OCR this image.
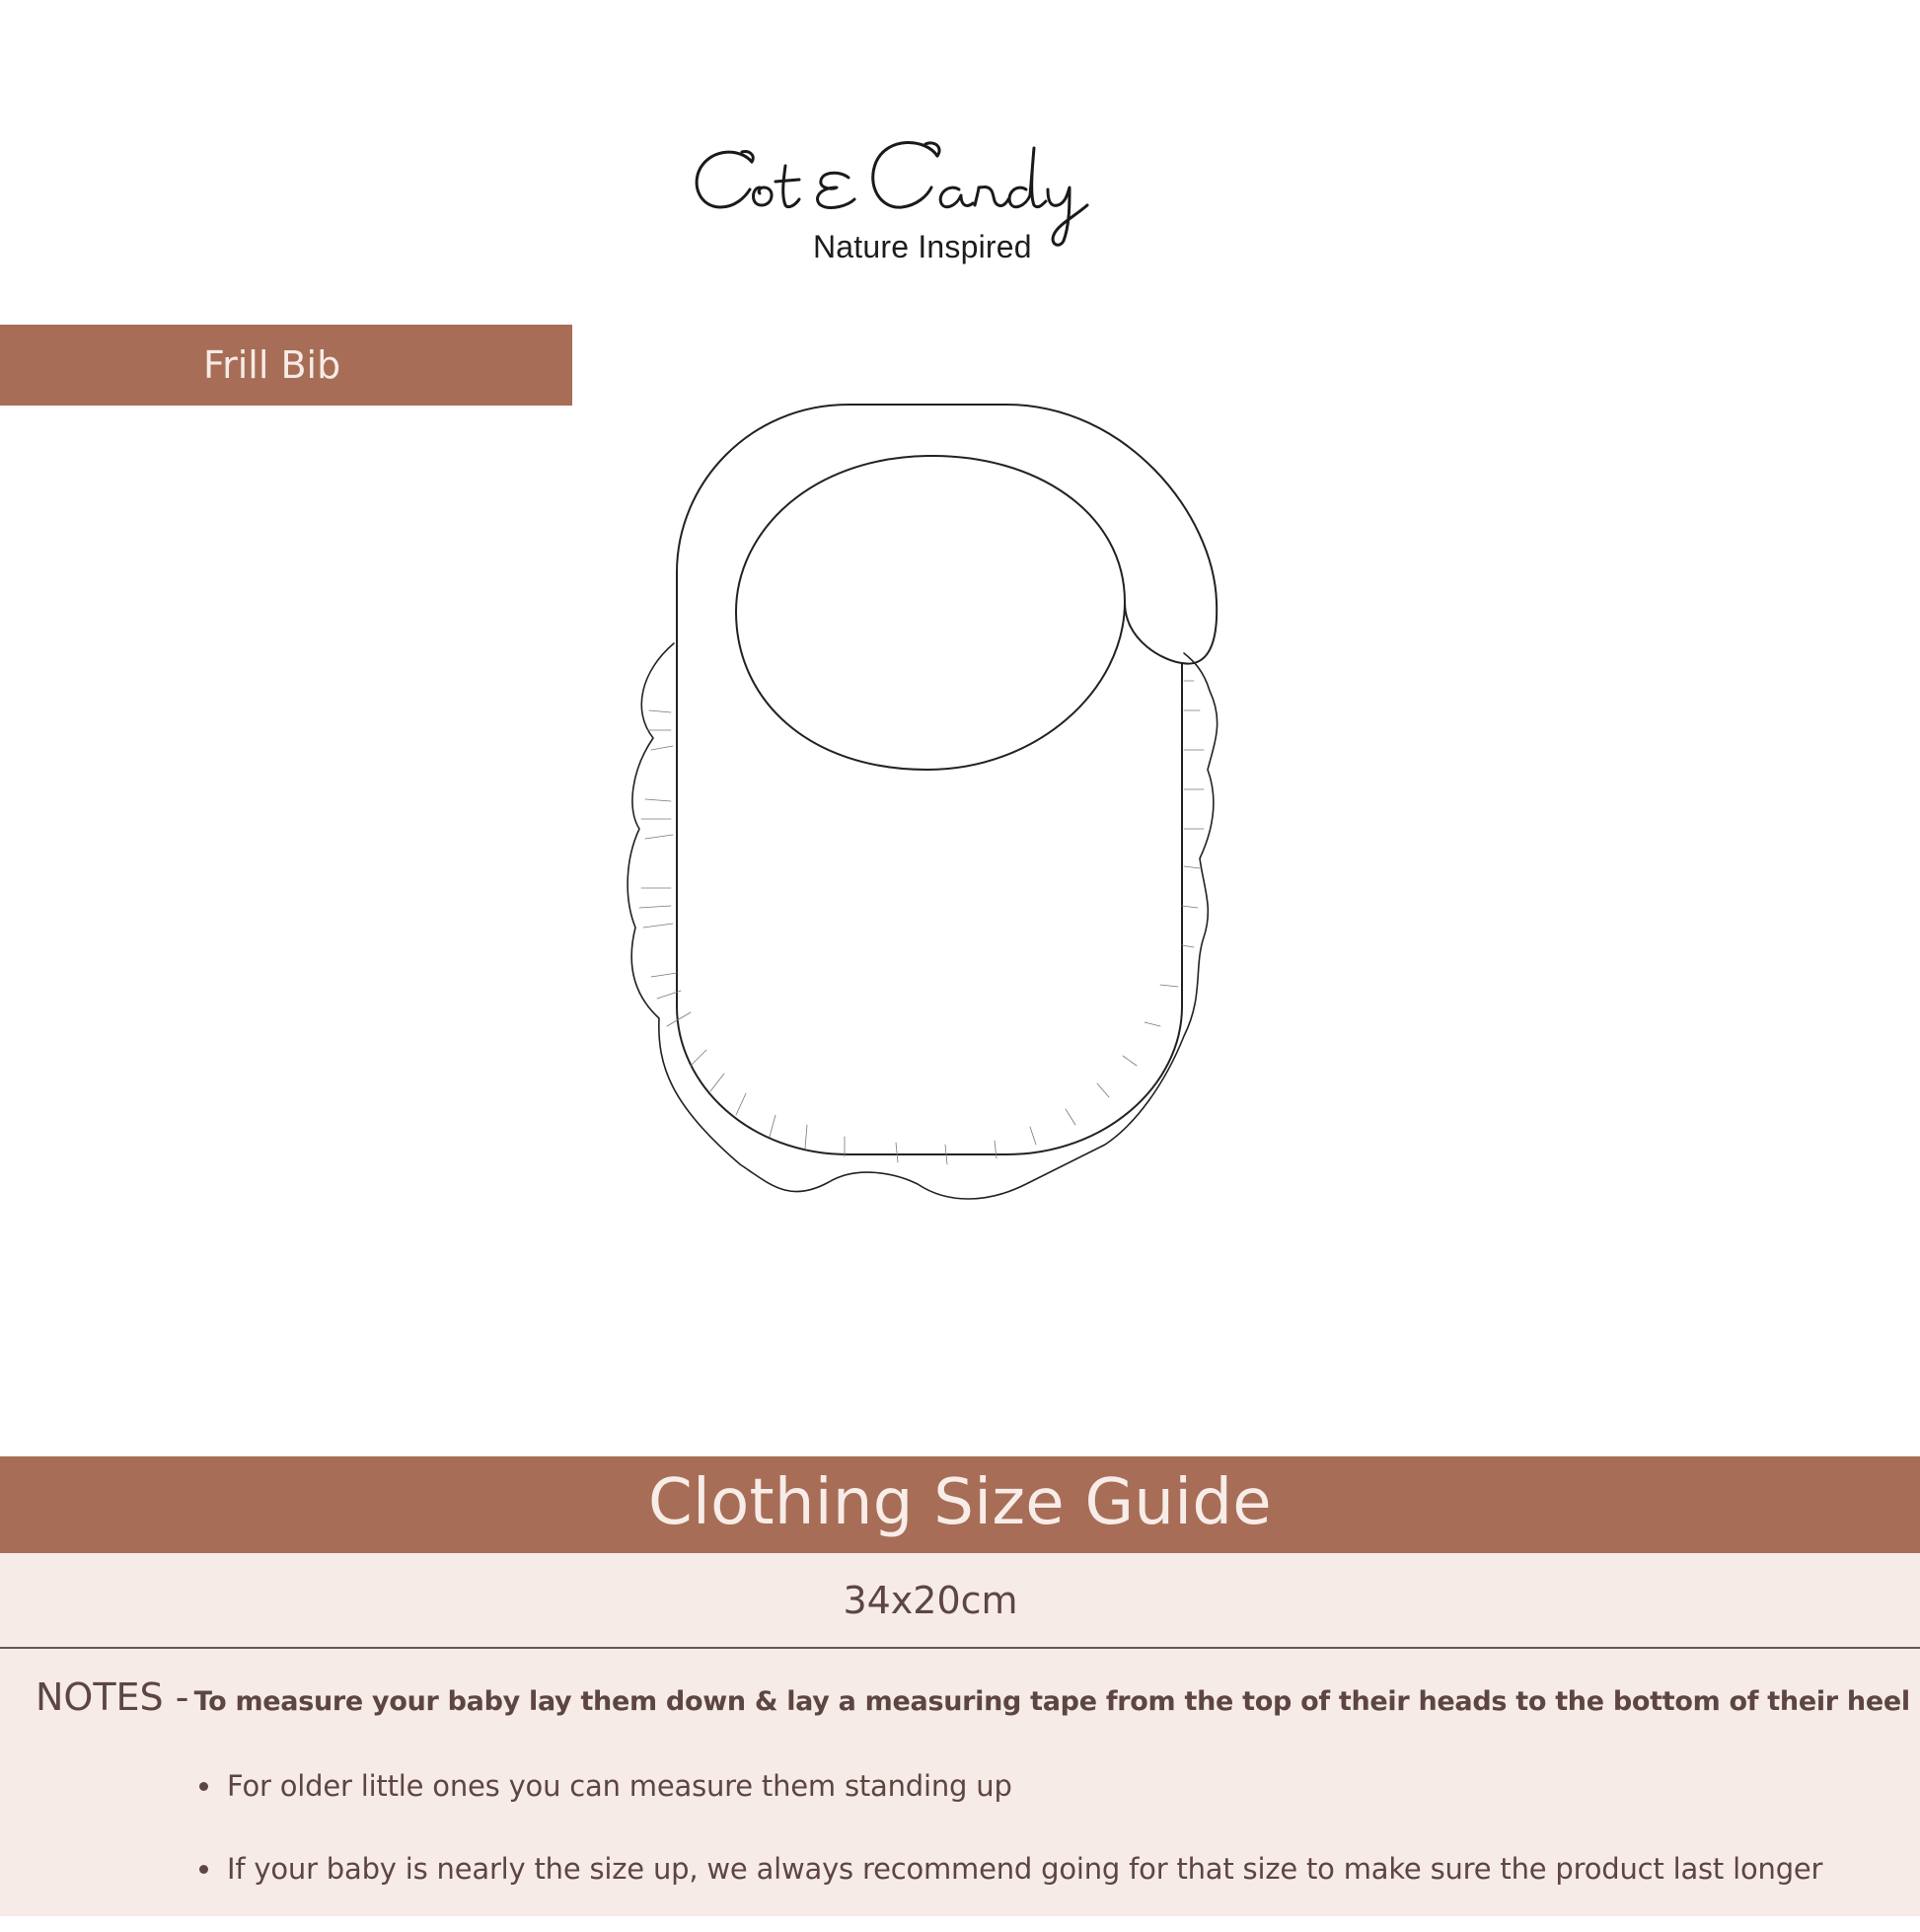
Nature Inspired
Frill Bib
Clothing Size Guide
34x20cm
NOTES - To measure your baby lay them down & lay a measuring tape from the top of their heads to the bottom of their heel
For older little ones you can measure them standing up
If your baby is nearly the size up, we always recommend going for that size to make sure the product last longer
